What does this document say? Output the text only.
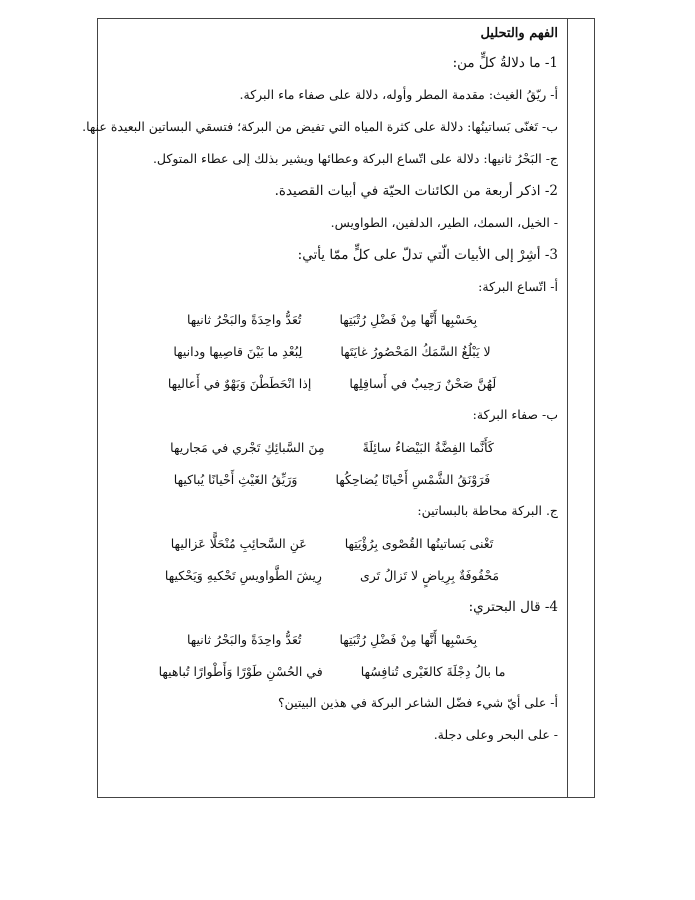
الفهم والتحليل
1- ما دلالةُ كلٍّ من:
أ- ريّقُ الغيث: مقدمة المطر وأوله، دلالة على صفاء ماء البركة.
ب- تَغنّى بَساتينُها: دلالة على كثرة المياه التي تفيض من البركة؛ فتسقي البساتين البعيدة عنها.
ج- البَحْرُ ثانيها: دلالة على اتّساع البركة وعطائها ويشير بذلك إلى عطاء المتوكل.
2- اذكر أربعة من الكائنات الحيّة في أبيات القصيدة.
- الخيل، السمك، الطير، الدلفين، الطواويس.
3- أشِرْ إلى الأبيات الّتي تدلّ على كلٍّ ممّا يأتي:
أ- اتّساع البركة:
بِحَسْبِها أَنَّها مِنْ فَضْلِ رُتْبَتِها
تُعَدُّ واحِدَةً والبَحْرُ ثانيها
لا يَبْلُغُ السَّمَكُ المَحْصُورُ غايَتَها
لِبُعْدِ ما بَيْنَ قاصِيها ودانيها
لَهُنَّ صَحْنٌ رَحِيبٌ في أَسافِلِها
إذا انْحَطَطْنَ وَبَهْوٌ في أَعاليها
ب- صفاء البركة:
كَأَنَّما الفِضَّةُ البَيْضاءُ سائِلَةً
مِنَ السَّبائِكِ تَجْري في مَجاريها
فَرَوْنَقُ الشَّمْسِ أَحْيانًا يُضاحِكُها
وَرَيِّقُ الغَيْثِ أَحْيانًا يُباكيها
ج. البركة محاطة بالبساتين:
تَغْنى بَساتينُها القُصْوى بِرُؤْيَتِها
عَنِ السَّحائِبِ مُنْحَلًّا عَزاليها
مَحْفُوفَةٌ بِرِياضٍ لا تَزالُ تَرى
رِيشَ الطَّواويسِ تَحْكيهِ وَيَحْكيها
4- قال البحتري:
بِحَسْبِها أَنَّها مِنْ فَضْلِ رُتْبَتِها
تُعَدُّ واحِدَةً والبَحْرُ ثانيها
ما بالُ دِجْلَةَ كالغَيْرى تُنافِسُها
في الحُسْنِ طَوْرًا وَأَطْوارًا تُباهيها
أ- على أيّ شيء فضّل الشاعر البركة في هذين البيتين؟
- على البحر وعلى دجلة.
